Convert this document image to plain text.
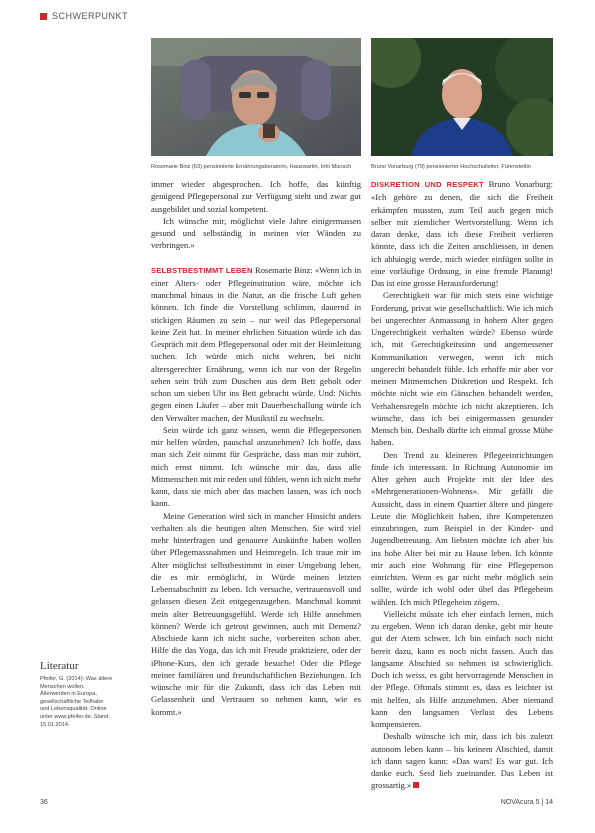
SCHWERPUNKT
Rosemarie Binz (63) pensionierte Ernährungsberaterin, Hauswartin, Info Münsch	Bruno Vonarburg (79) pensionierter Hochschulleiter, Fürenstettin

immer wieder abgesprochen. Ich hoffe, das künftig genügend Pflegepersonal zur Verfügung steht und zwar gut ausgebildet und sozial kompetent.

Ich wünsche mir, möglichst viele Jahre einigermassen gesund und selbständig in meinen vier Wänden zu verbringen.»

SELBSTBESTIMMT LEBEN Rosemarie Binz: «Wenn ich in einer Alters- oder Pflegeinstitution wäre, möchte ich manchmal hinaus in die Natur, an die frische Luft gehen können. Ich finde die Vorstellung schlimm, dauernd in stickigen Räumen zu sein – nur weil das Pflegepersonal keine Zeit hat. In meiner ehrlichen Situation würde ich das Gespräch mit dem Pflegepersonal oder mit der Heimleitung suchen. Ich würde mich nicht wehren, bei nicht altersgerechter Ernährung, wenn ich nur von der Regelin sehen sein früh zum Duschen aus dem Bett geholt oder schon um sieben Uhr ins Bett gebracht würde. Und: Nichts gegen einen Läufer – aber mit Dauerbeschallung würde ich den Verwalter machen, der Musikstil zu wechseln.

Sein würde ich ganz wissen, wenn die Pflegepersonen mir helfen würden, pauschal anzunehmen? Ich hoffe, dass man sich Zeit nimmt für Gespräche, dass man mir zuhört, mich ernst nimmt. Ich wünsche mir das, dass alle Mitmenschen mit mir reden und fühlen, wenn ich nicht mehr kann, dass sie mich aber das machen lassen, was ich noch kann.

Meine Generation wird sich in mancher Hinsicht anders verhalten als die heutigen alten Menschen. Sie wird viel mehr hinterfragen und genauere Auskünfte haben wollen über Pflegemassnahmen und Heimregeln. Ich traue mir im Alter möglichst selbstbestimmt in einer Umgebung leben, die es mir ermöglicht, in Würde meinen letzten Lebensabschnitt zu leben. Ich versuche, vertrauensvoll und gelassen diesen Zeit entgegenzugehen. Manchmal kommt mein alter Betreuungsgefühl. Werde ich Hilfe annehmen können? Werde ich getrost gewinnen, auch mit Demenz? Abschiede kann ich nicht suche, vorbereiten schon aber. Hilfe die das Yoga, das ich mit Freude praktiziere, oder der iPhone-Kurs, den ich gerade besuche! Oder die Pflege meiner familiären und freundschaftlichen Beziehungen. Ich wünsche mir für die Zukunft, dass ich das Leben mit Gelassenheit und Vertrauen so nehmen kann, wie es kommt.»

DISKRETION UND RESPEKT Bruno Vonarburg: «Ich gehöre zu denen, die sich die Freiheit erkämpfen mussten, zum Teil auch gegen mich selber mit ziemlicher Wertvorstellung. Wenn ich daran denke, dass ich diese Freiheit verlieren könnte, dass ich die Zeiten anschliessen, in denen ich abhängig werde, mich wieder einfügen sollte in eine vorläufige Ordnung, in eine fremde Planung! Das ist eine grosse Herausforderung!

Gerechtigkeit war für mich stets eine wichtige Forderung, privat wie gesellschaftlich. Wie ich mich bei ungerechter Anmassung in hohem Alter gegen Ungerechtigkeit verhalten würde? Ebenso würde ich, mit Gerechtigkeitssinn und angemessener Kommunikation verwegen, wenn ich mich ungerecht behandelt fühle. Ich erhoffe mir aber vor meinen Mitmenschen Diskretion und Respekt. Ich möchte nicht wie ein Gänschen behandelt werden, Verhaltensregeln möchte ich nicht akzeptieren. Ich wünsche, dass ich bei einigermassen gesunder Mensch bin. Deshalb dürfte ich einmal grosse Mühe haben.

Den Trend zu kleineren Pflegeeinrichtungen finde ich interessant. In Richtung Autonomie im Alter gehen auch Projekte mit der Idee des «Mehrgenerationen-Wohnens». Mir gefällt die Aussicht, dass in einem Quartier ältere und jüngere Leute die Möglichkeit haben, ihre Kompetenzen einzubringen, zum Beispiel in der Kinder- und Jugendbetreuung. Am liebsten möchte ich aber bis ins hohe Alter bei mir zu Hause leben. Ich könnte mir auch eine Wohnung für eine Pflegeperson einrichten. Wenn es gar nicht mehr möglich sein sollte, würde ich wohl oder übel das Pflegeheim wählen. Ich mich Pflegeheim zögern.

Vielleicht müsste ich eher einfach lernen, mich zu ergeben. Wenn ich daran denke, geht mir heute gut der Atem schwer. Ich bin einfach noch nicht bereit dazu, kann es noch nicht fassen. Auch das langsame Abschied so nehmen ist schwieriglich. Doch ich weiss, es gibt hervorragende Menschen in der Pflege. Oftmals stimmt es, dass es leichter ist mit helfen, als Hilfe anzunehmen. Aber niemand kann den langsamen Verlust des Lebens kompensieren.

Deshalb wünsche ich mir, dass ich bis zuletzt autonom leben kann – bis keinem Abschied, damit ich dann sagen kann: «Das wars! Es war gut. Ich danke euch. Seid lieb zueinander. Das Leben ist grossartig.»

Literatur
Pfeifer, G. (2014): Was ältere Menschen wollen. Älterwerden in Europa, gesellschaftliche Teilhabe und Lebensqualität. Online unter www.pfeifer.de. Stand: 15.01.2014.
36	NOVAcura 5 | 14
